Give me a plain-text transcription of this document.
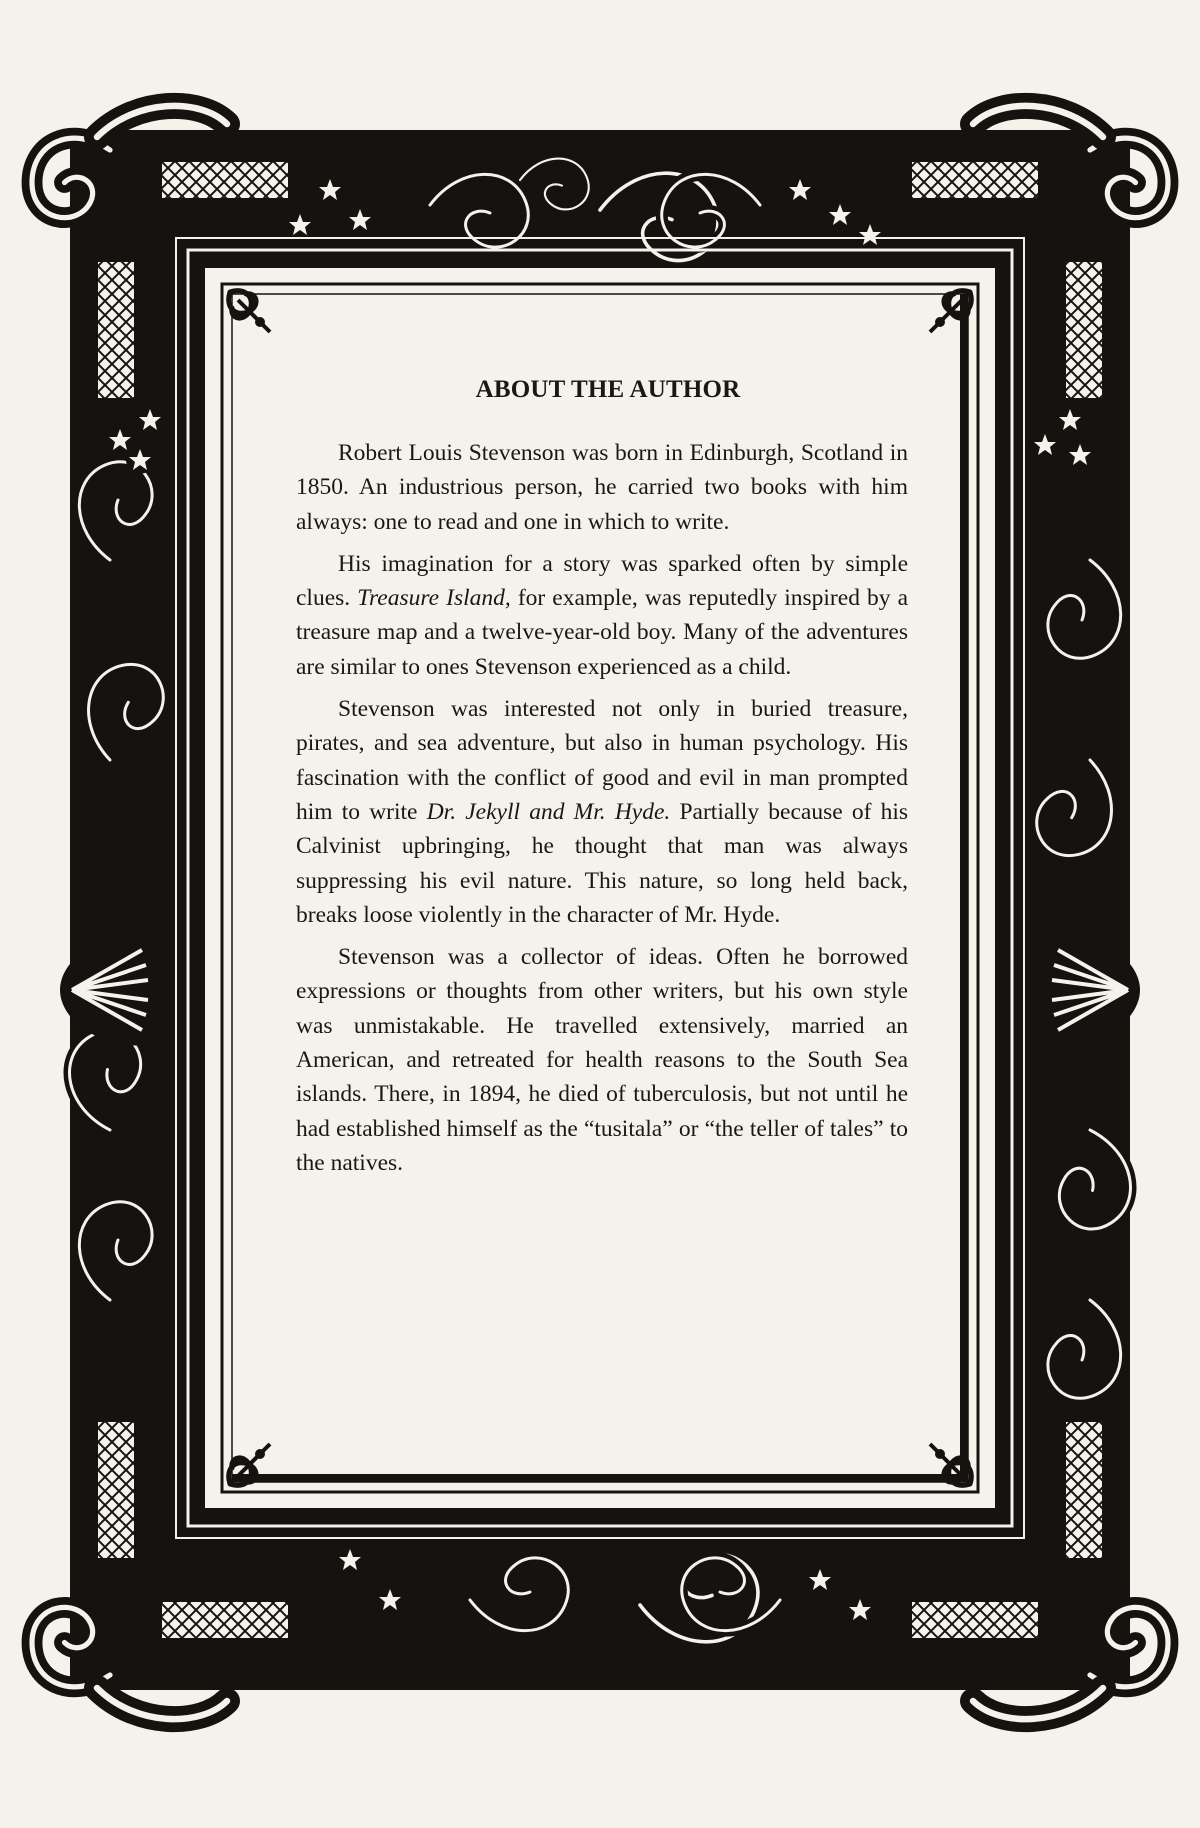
ABOUT THE AUTHOR

Robert Louis Stevenson was born in Edinburgh, Scotland in 1850. An industrious person, he carried two books with him always: one to read and one in which to write.

His imagination for a story was sparked often by simple clues. Treasure Island, for example, was reputedly inspired by a treasure map and a twelve-year-old boy. Many of the adventures are similar to ones Stevenson experienced as a child.

Stevenson was interested not only in buried treasure, pirates, and sea adventure, but also in human psychology. His fascination with the conflict of good and evil in man prompted him to write Dr. Jekyll and Mr. Hyde. Partially because of his Calvinist upbringing, he thought that man was always suppressing his evil nature. This nature, so long held back, breaks loose violently in the character of Mr. Hyde.

Stevenson was a collector of ideas. Often he borrowed expressions or thoughts from other writers, but his own style was unmistakable. He travelled extensively, married an American, and retreated for health reasons to the South Sea islands. There, in 1894, he died of tuberculosis, but not until he had established himself as the “tusitala” or “the teller of tales” to the natives.
